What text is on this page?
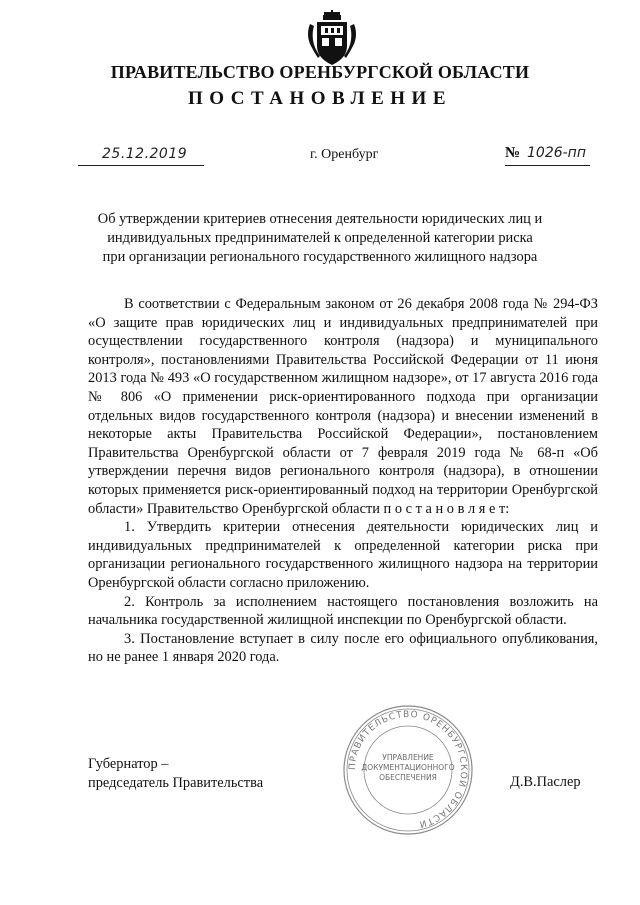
ПРАВИТЕЛЬСТВО ОРЕНБУРГСКОЙ ОБЛАСТИ
ПОСТАНОВЛЕНИЕ
25.12.2019	г. Оренбург	№ 1026-пп
Об утверждении критериев отнесения деятельности юридических лиц и индивидуальных предпринимателей к определенной категории риска при организации регионального государственного жилищного надзора

В соответствии с Федеральным законом от 26 декабря 2008 года № 294-ФЗ «О защите прав юридических лиц и индивидуальных предпринимателей при осуществлении государственного контроля (надзора) и муниципального контроля», постановлениями Правительства Российской Федерации от 11 июня 2013 года № 493 «О государственном жилищном надзоре», от 17 августа 2016 года № 806 «О применении риск-ориентированного подхода при организации отдельных видов государственного контроля (надзора) и внесении изменений в некоторые акты Правительства Российской Федерации», постановлением Правительства Оренбургской области от 7 февраля 2019 года № 68-п «Об утверждении перечня видов регионального контроля (надзора), в отношении которых применяется риск-ориентированный подход на территории Оренбургской области» Правительство Оренбургской области п о с т а н о в л я е т:

1. Утвердить критерии отнесения деятельности юридических лиц и индивидуальных предпринимателей к определенной категории риска при организации регионального государственного жилищного надзора на территории Оренбургской области согласно приложению.

2. Контроль за исполнением настоящего постановления возложить на начальника государственной жилищной инспекции по Оренбургской области.

3. Постановление вступает в силу после его официального опубликования, но не ранее 1 января 2020 года.

Губернатор –
председатель Правительства	Д.В.Паслер
ПРАВИТЕЛЬСТВО ОРЕНБУРГСКОЙ ОБЛАСТИ
УПРАВЛЕНИЕ
ДОКУМЕНТАЦИОННОГО
ОБЕСПЕЧЕНИЯ
